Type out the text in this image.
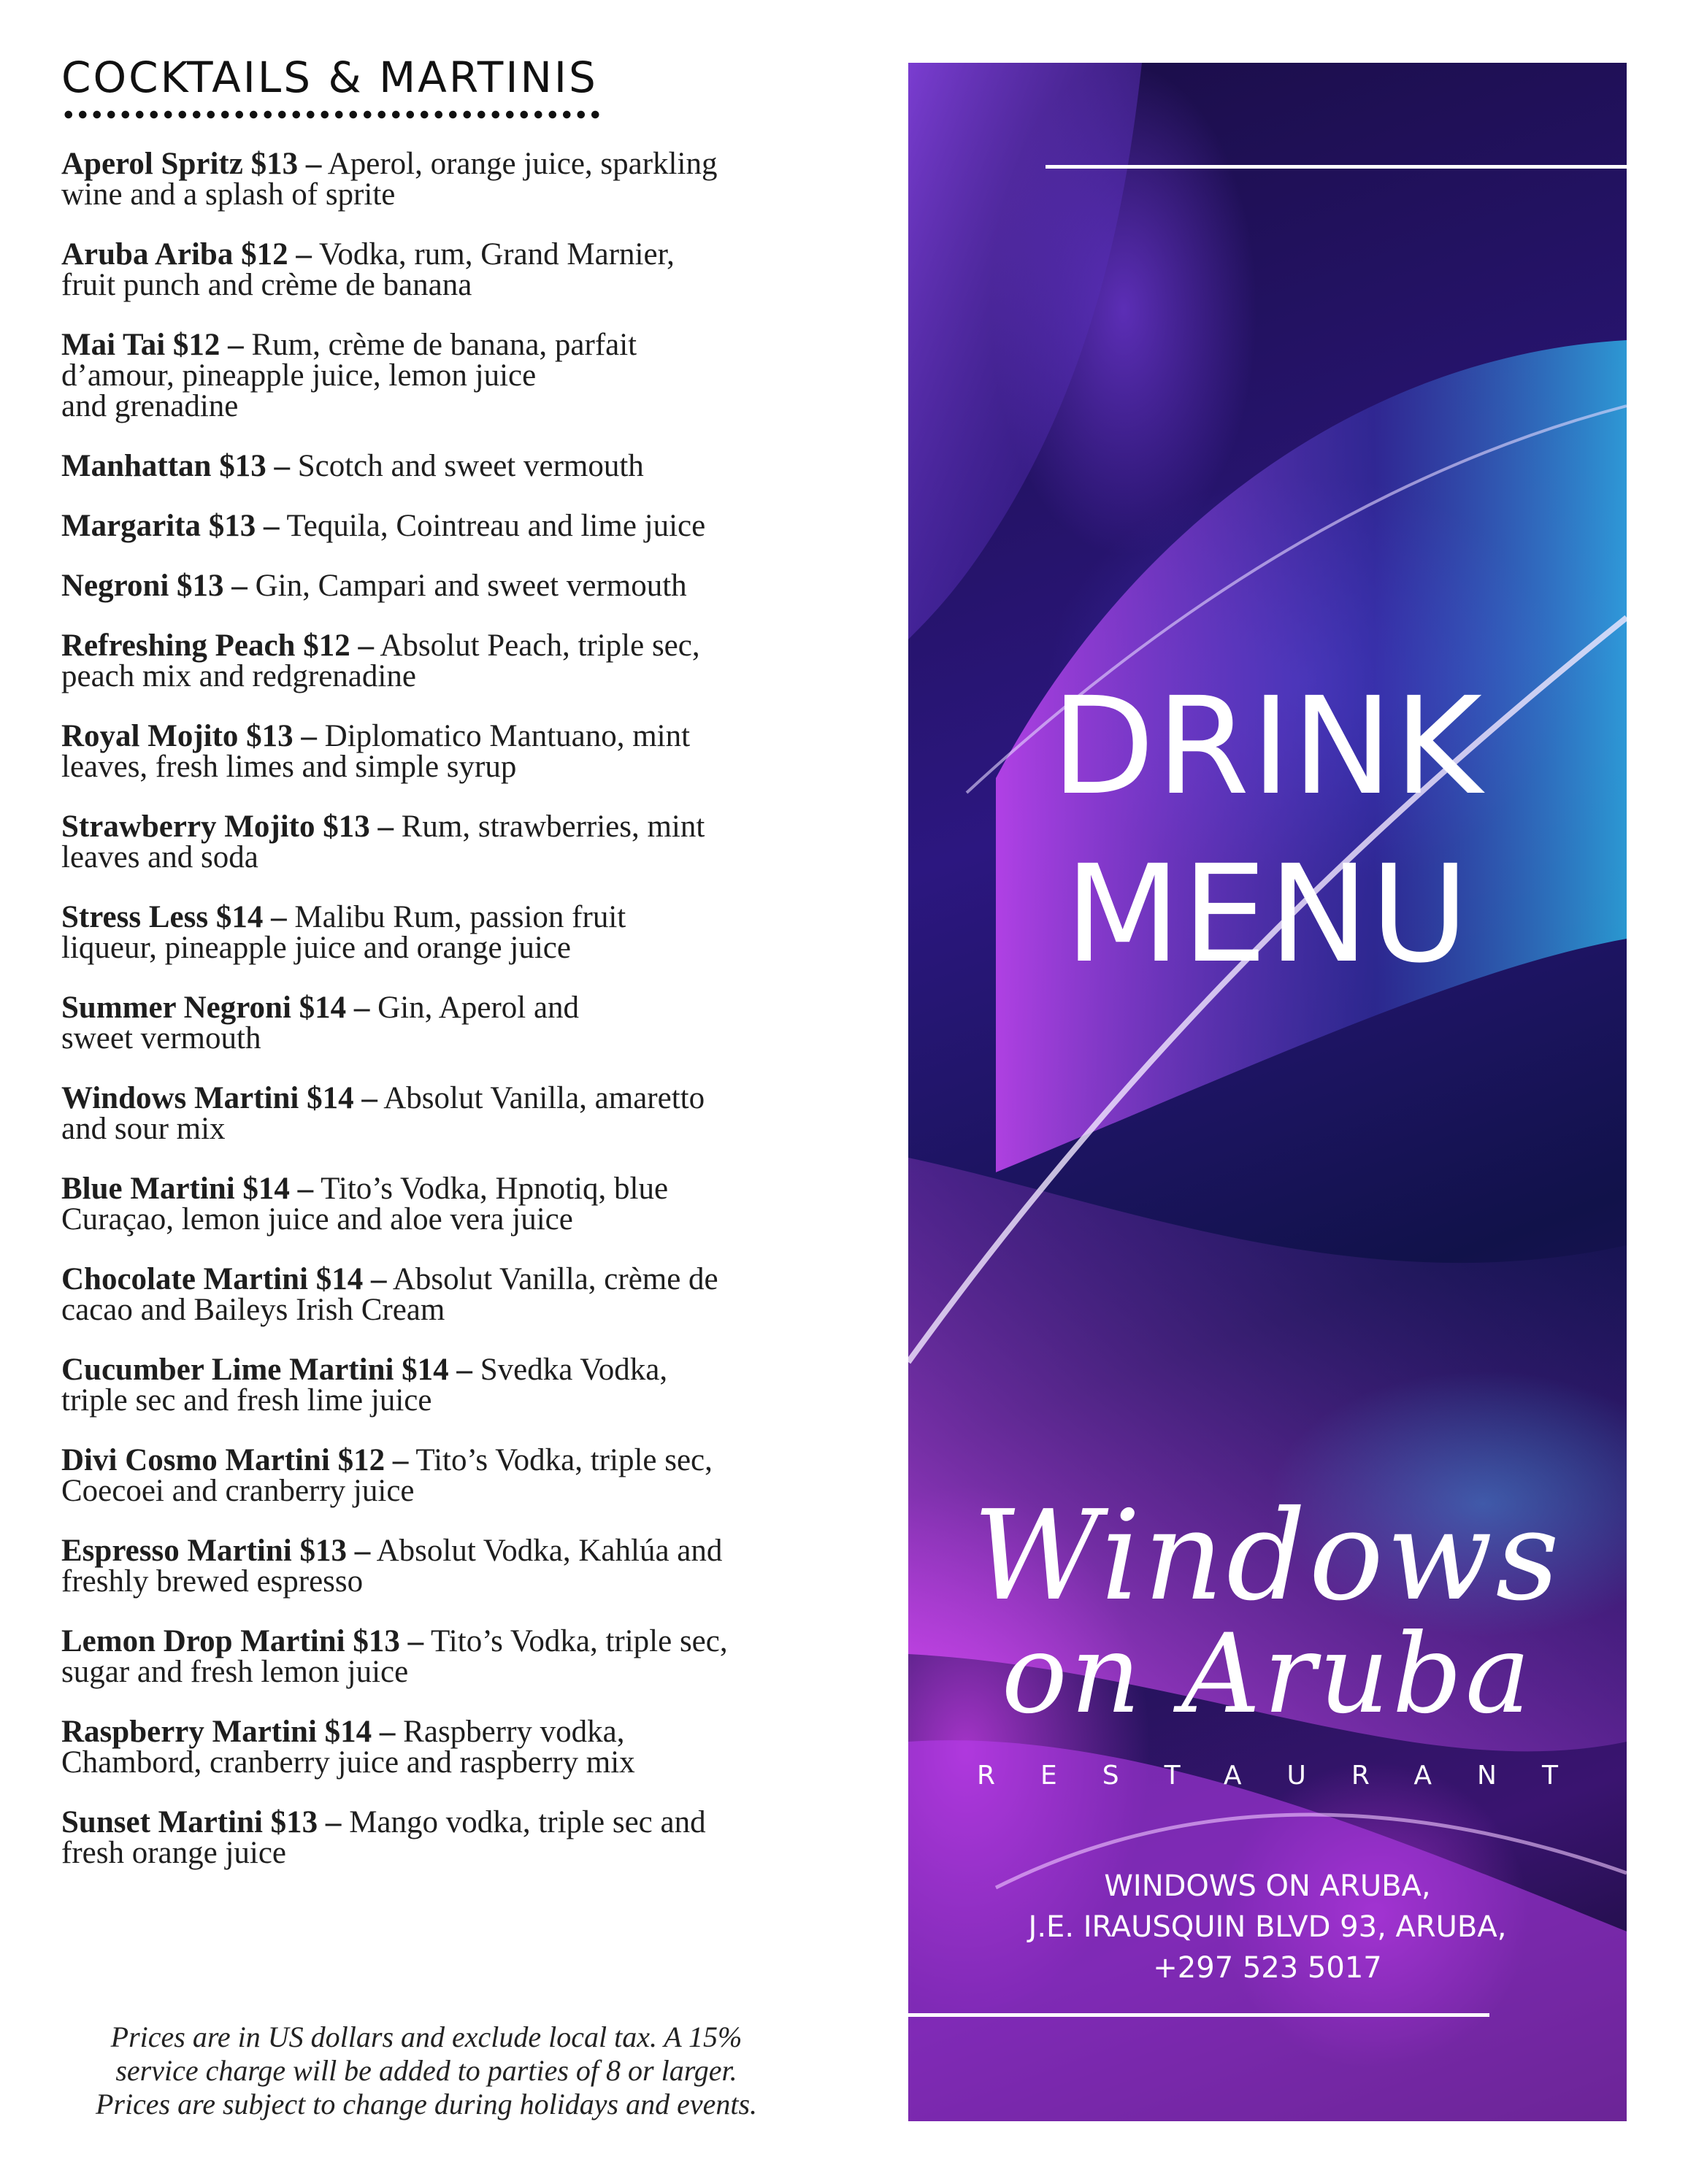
COCKTAILS & MARTINIS
Aperol Spritz $13 – Aperol, orange juice, sparkling
wine and a splash of sprite
Aruba Ariba $12 – Vodka, rum, Grand Marnier,
fruit punch and crème de banana
Mai Tai $12 – Rum, crème de banana, parfait
d’amour, pineapple juice, lemon juice
and grenadine
Manhattan $13 – Scotch and sweet vermouth
Margarita $13 – Tequila, Cointreau and lime juice
Negroni $13 – Gin, Campari and sweet vermouth
Refreshing Peach $12 – Absolut Peach, triple sec,
peach mix and redgrenadine
Royal Mojito $13 – Diplomatico Mantuano, mint
leaves, fresh limes and simple syrup
Strawberry Mojito $13 – Rum, strawberries, mint
leaves and soda
Stress Less $14 – Malibu Rum, passion fruit
liqueur, pineapple juice and orange juice
Summer Negroni $14 – Gin, Aperol and
sweet vermouth
Windows Martini $14 – Absolut Vanilla, amaretto
and sour mix
Blue Martini $14 – Tito’s Vodka, Hpnotiq, blue
Curaçao, lemon juice and aloe vera juice
Chocolate Martini $14 – Absolut Vanilla, crème de
cacao and Baileys Irish Cream
Cucumber Lime Martini $14 – Svedka Vodka,
triple sec and fresh lime juice
Divi Cosmo Martini $12 – Tito’s Vodka, triple sec,
Coecoei and cranberry juice
Espresso Martini $13 – Absolut Vodka, Kahlúa and
freshly brewed espresso
Lemon Drop Martini $13 – Tito’s Vodka, triple sec,
sugar and fresh lemon juice
Raspberry Martini $14 – Raspberry vodka,
Chambord, cranberry juice and raspberry mix
Sunset Martini $13 – Mango vodka, triple sec and
fresh orange juice
Prices are in US dollars and exclude local tax. A 15%
service charge will be added to parties of 8 or larger.
Prices are subject to change during holidays and events.
DRINK
MENU
Windows
on Aruba
RESTAURANT
WINDOWS ON ARUBA,
J.E. IRAUSQUIN BLVD 93, ARUBA,
+297 523 5017
